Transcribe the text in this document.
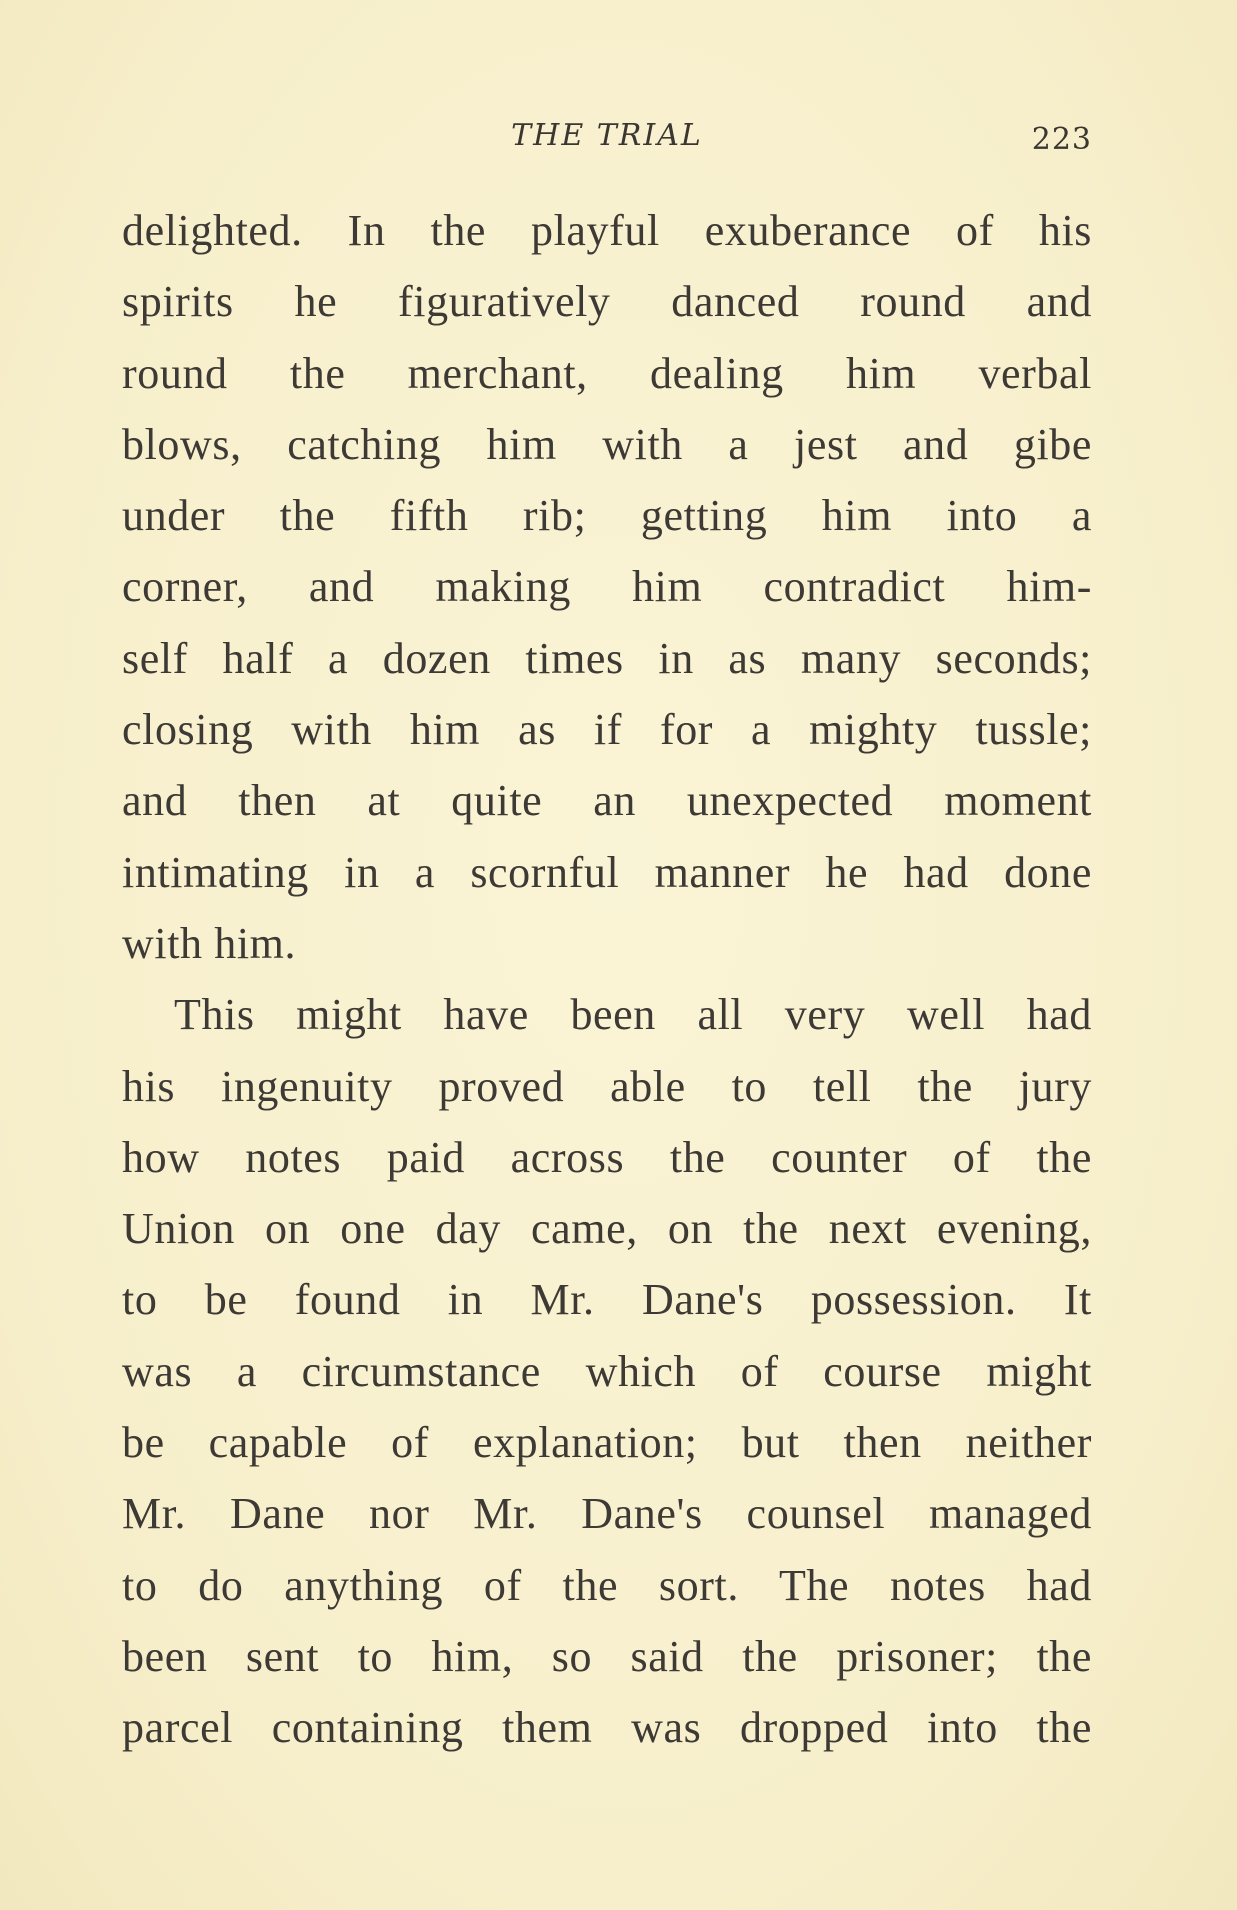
THE TRIAL	223
delighted. In the playful exuberance of his
spirits he figuratively danced round and
round the merchant, dealing him verbal
blows, catching him with a jest and gibe
under the fifth rib; getting him into a
corner, and making him contradict him-
self half a dozen times in as many seconds;
closing with him as if for a mighty tussle;
and then at quite an unexpected moment
intimating in a scornful manner he had done
with him.
This might have been all very well had
his ingenuity proved able to tell the jury
how notes paid across the counter of the
Union on one day came, on the next evening,
to be found in Mr. Dane's possession. It
was a circumstance which of course might
be capable of explanation; but then neither
Mr. Dane nor Mr. Dane's counsel managed
to do anything of the sort. The notes had
been sent to him, so said the prisoner; the
parcel containing them was dropped into the
